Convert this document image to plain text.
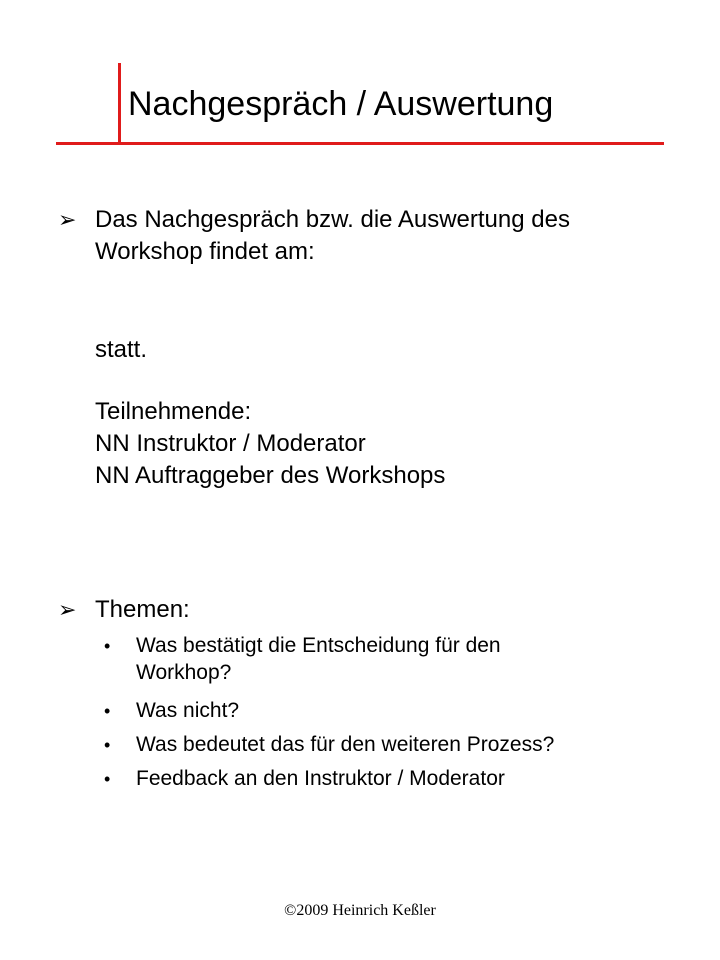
Nachgespräch / Auswertung
➢ Das Nachgespräch bzw. die Auswertung des
Workshop findet am:
statt.
Teilnehmende:
NN Instruktor / Moderator
NN Auftraggeber des Workshops
➢ Themen:
• Was bestätigt die Entscheidung für den
Workhop?
• Was nicht?
• Was bedeutet das für den weiteren Prozess?
• Feedback an den Instruktor / Moderator
©2009 Heinrich Keßler
